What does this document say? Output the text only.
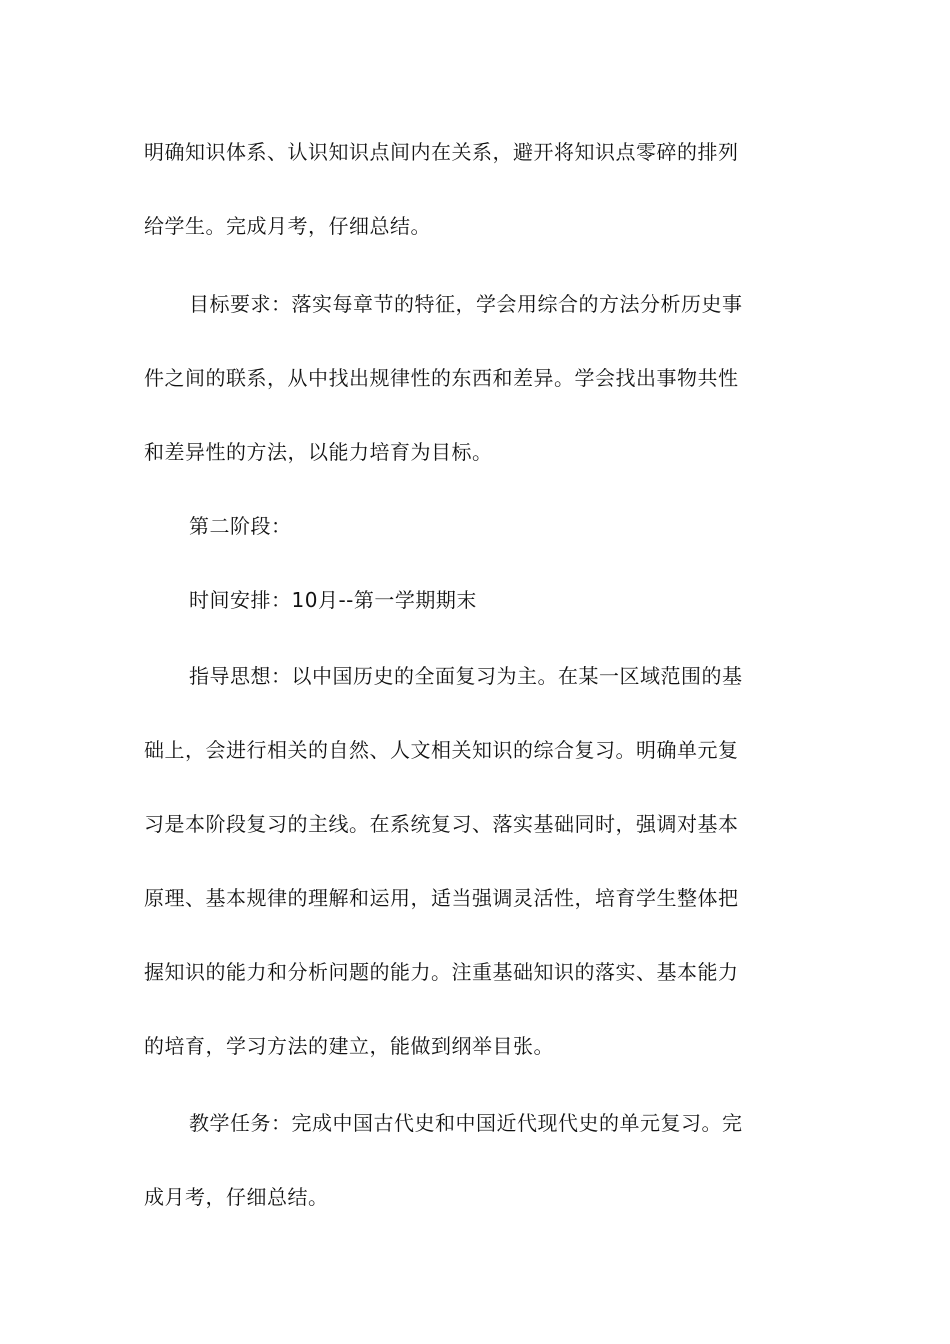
明确知识体系、认识知识点间内在关系，避开将知识点零碎的排列
给学生。完成月考，仔细总结。
目标要求：落实每章节的特征，学会用综合的方法分析历史事
件之间的联系，从中找出规律性的东西和差异。学会找出事物共性
和差异性的方法，以能力培育为目标。
第二阶段：
时间安排：10月--第一学期期末
指导思想：以中国历史的全面复习为主。在某一区域范围的基
础上，会进行相关的自然、人文相关知识的综合复习。明确单元复
习是本阶段复习的主线。在系统复习、落实基础同时，强调对基本
原理、基本规律的理解和运用，适当强调灵活性，培育学生整体把
握知识的能力和分析问题的能力。注重基础知识的落实、基本能力
的培育，学习方法的建立，能做到纲举目张。
教学任务：完成中国古代史和中国近代现代史的单元复习。完
成月考，仔细总结。
